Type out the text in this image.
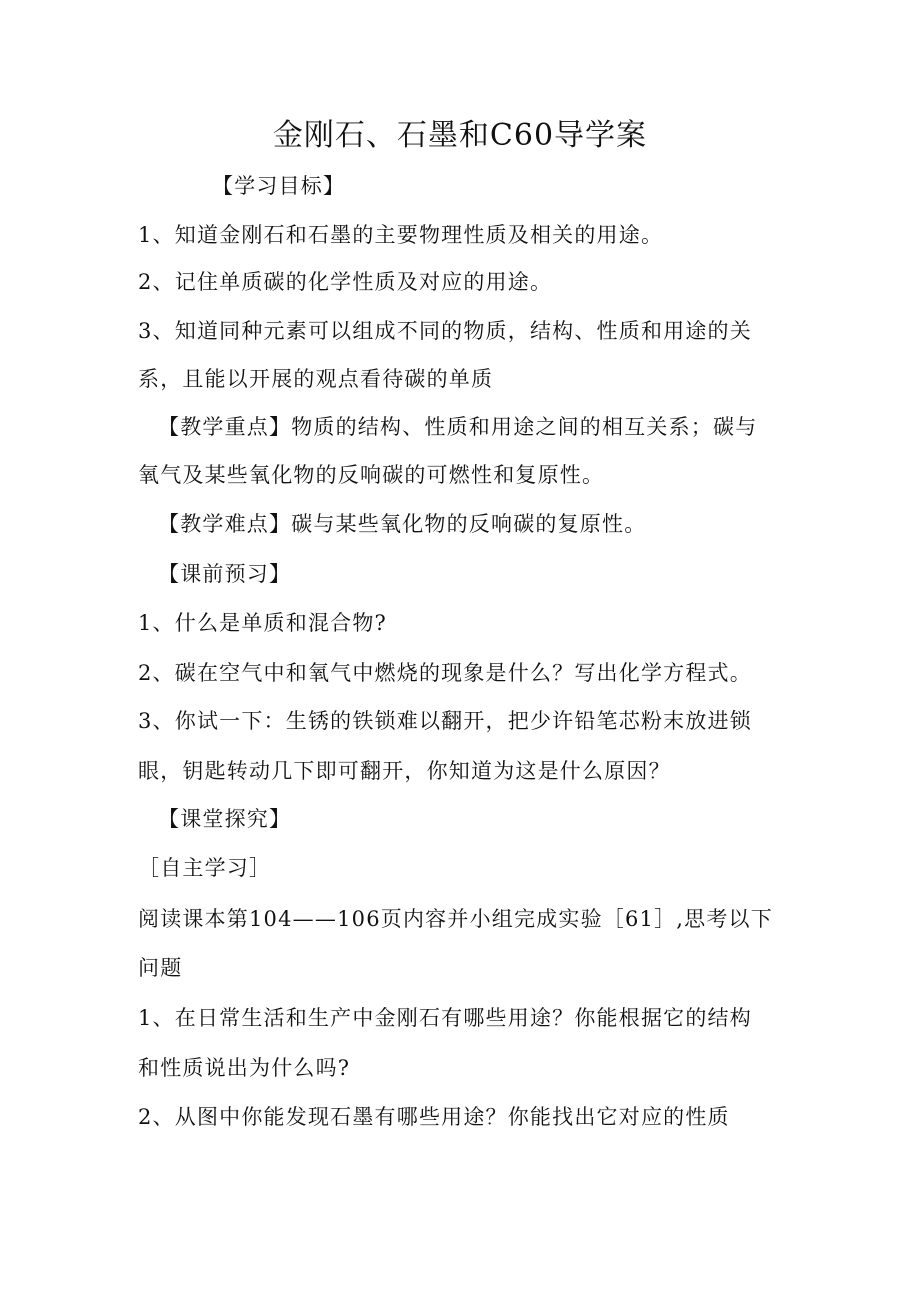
金刚石、石墨和C60导学案
【学习目标】
1、知道金刚石和石墨的主要物理性质及相关的用途。
2、记住单质碳的化学性质及对应的用途。
3、知道同种元素可以组成不同的物质，结构、性质和用途的关
系，且能以开展的观点看待碳的单质
【教学重点】物质的结构、性质和用途之间的相互关系；碳与
氧气及某些氧化物的反响碳的可燃性和复原性。
【教学难点】碳与某些氧化物的反响碳的复原性。
【课前预习】
1、什么是单质和混合物?
2、碳在空气中和氧气中燃烧的现象是什么？写出化学方程式。
3、你试一下：生锈的铁锁难以翻开，把少许铅笔芯粉末放进锁
眼，钥匙转动几下即可翻开，你知道为这是什么原因？
【课堂探究】
［自主学习］
阅读课本第104——106页内容并小组完成实验［61］,思考以下
问题
1、在日常生活和生产中金刚石有哪些用途？你能根据它的结构
和性质说出为什么吗?
2、从图中你能发现石墨有哪些用途？你能找出它对应的性质
